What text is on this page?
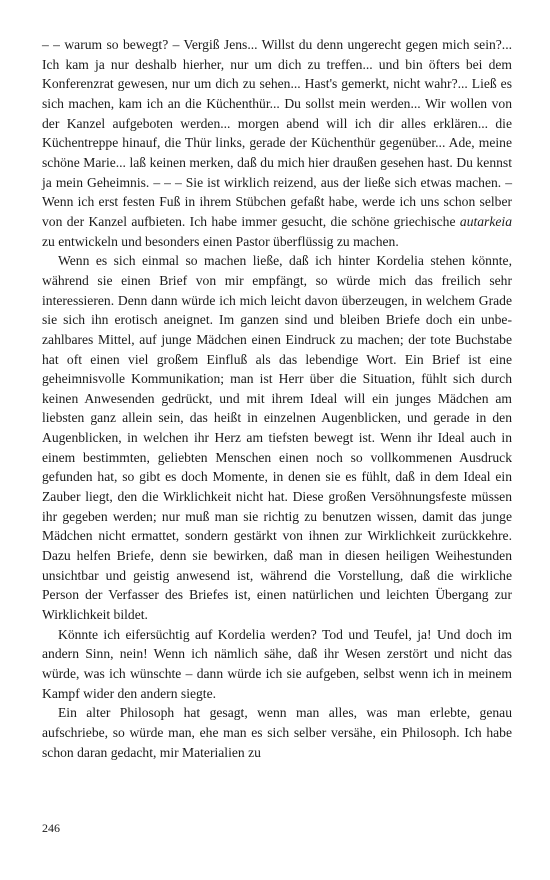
– – warum so bewegt? – Vergiß Jens... Willst du denn ungerecht gegen mich sein?... Ich kam ja nur deshalb hierher, nur um dich zu treffen... und bin öfters bei dem Konferenzrat gewesen, nur um dich zu sehen... Hast's gemerkt, nicht wahr?... Ließ es sich machen, kam ich an die Küchenthür... Du sollst mein werden... Wir wollen von der Kanzel aufgeboten werden... morgen abend will ich dir alles erklären... die Küchentreppe hinauf, die Thür links, gerade der Küchenthür gegenüber... Ade, meine schöne Marie... laß keinen merken, daß du mich hier draußen gesehen hast. Du kennst ja mein Geheimnis. – – – Sie ist wirklich reizend, aus der ließe sich etwas machen. – Wenn ich erst festen Fuß in ihrem Stübchen gefaßt habe, werde ich uns schon selber von der Kanzel aufbieten. Ich habe immer gesucht, die schöne griechische autarkeia zu entwickeln und besonders einen Pastor überflüssig zu machen.

Wenn es sich einmal so machen ließe, daß ich hinter Kordelia stehen könnte, während sie einen Brief von mir empfängt, so würde mich das freilich sehr interessieren. Denn dann würde ich mich leicht davon überzeugen, in welchem Grade sie sich ihn erotisch aneignet. Im ganzen sind und bleiben Briefe doch ein unbezahlbares Mittel, auf junge Mädchen einen Eindruck zu machen; der tote Buchstabe hat oft einen viel großem Einfluß als das lebendige Wort. Ein Brief ist eine geheimnisvolle Kommunikation; man ist Herr über die Situation, fühlt sich durch keinen Anwesenden gedrückt, und mit ihrem Ideal will ein junges Mädchen am liebsten ganz allein sein, das heißt in einzelnen Augenblicken, und gerade in den Augenblicken, in welchen ihr Herz am tiefsten bewegt ist. Wenn ihr Ideal auch in einem bestimmten, geliebten Menschen einen noch so vollkommenen Ausdruck gefunden hat, so gibt es doch Momente, in denen sie es fühlt, daß in dem Ideal ein Zauber liegt, den die Wirklichkeit nicht hat. Diese großen Versöhnungsfeste müssen ihr gegeben werden; nur muß man sie richtig zu benutzen wissen, damit das junge Mädchen nicht ermattet, sondern gestärkt von ihnen zur Wirklichkeit zurückkehre. Dazu helfen Briefe, denn sie bewirken, daß man in diesen heiligen Weihestunden unsichtbar und geistig anwesend ist, während die Vorstellung, daß die wirkliche Person der Verfasser des Briefes ist, einen natürlichen und leichten Übergang zur Wirklichkeit bildet.

Könnte ich eifersüchtig auf Kordelia werden? Tod und Teufel, ja! Und doch im andern Sinn, nein! Wenn ich nämlich sähe, daß ihr Wesen zerstört und nicht das würde, was ich wünschte – dann würde ich sie aufgeben, selbst wenn ich in meinem Kampf wider den andern siegte.

Ein alter Philosoph hat gesagt, wenn man alles, was man erlebte, genau aufschriebe, so würde man, ehe man es sich selber versähe, ein Philosoph. Ich habe schon daran gedacht, mir Materialien zu

246
